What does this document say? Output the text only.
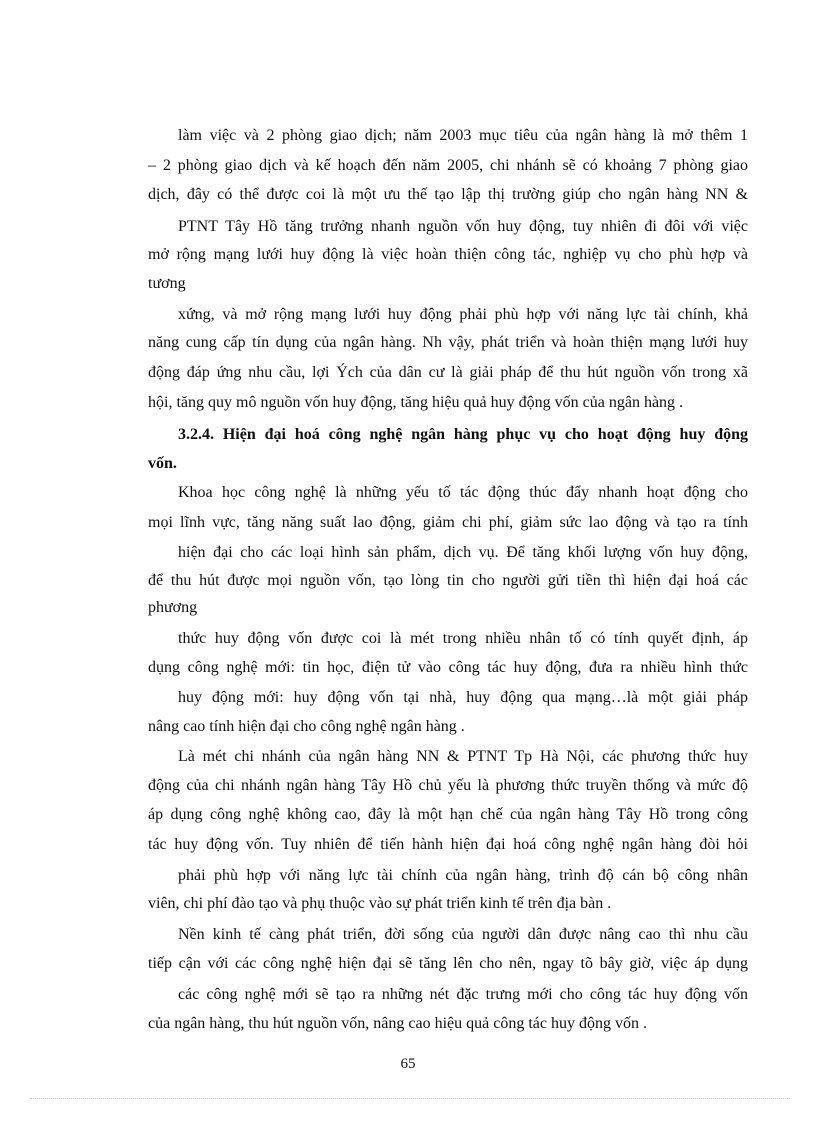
làm việc và 2 phòng giao dịch; năm 2003 mục tiêu của ngân hàng là mở thêm 1
– 2 phòng giao dịch và kế hoạch đến năm 2005, chi nhánh sẽ có khoảng 7 phòng giao
dịch, đây có thể được coi là một ưu thế tạo lập thị trường giúp cho ngân hàng NN &
PTNT Tây Hồ tăng trưởng nhanh nguồn vốn huy động, tuy nhiên đi đôi với việc
mở rộng mạng lưới huy động là việc hoàn thiện công tác, nghiệp vụ cho phù hợp và
tương
xứng, và mở rộng mạng lưới huy động phải phù hợp với năng lực tài chính, khả
năng cung cấp tín dụng của ngân hàng. Nh vậy, phát triển và hoàn thiện mạng lưới huy
động đáp ứng nhu cầu, lợi Ých của dân cư là giải pháp để thu hút nguồn vốn trong xã
hội, tăng quy mô nguồn vốn huy động, tăng hiệu quả huy động vốn của ngân hàng .
3.2.4. Hiện đại hoá công nghệ ngân hàng phục vụ cho hoạt động huy động
vốn.
Khoa học công nghệ là những yếu tố tác động thúc đẩy nhanh hoạt động cho
mọi lĩnh vực, tăng năng suất lao động, giảm chi phí, giảm sức lao động và tạo ra tính
hiện đại cho các loại hình sản phẩm, dịch vụ. Để tăng khối lượng vốn huy động,
để thu hút được mọi nguồn vốn, tạo lòng tin cho người gửi tiền thì hiện đại hoá các
phương
thức huy động vốn được coi là mét trong nhiều nhân tố có tính quyết định, áp
dụng công nghệ mới: tin học, điện tử vào công tác huy động, đưa ra nhiều hình thức
huy động mới: huy động vốn tại nhà, huy động qua mạng…là một giải pháp
nâng cao tính hiện đại cho công nghệ ngân hàng .
Là mét chi nhánh của ngân hàng NN & PTNT Tp Hà Nội, các phương thức huy
động của chi nhánh ngân hàng Tây Hồ chủ yếu là phương thức truyền thống và mức độ
áp dụng công nghệ không cao, đây là một hạn chế của ngân hàng Tây Hồ trong công
tác huy động vốn. Tuy nhiên để tiến hành hiện đại hoá công nghệ ngân hàng đòi hỏi
phải phù hợp với năng lực tài chính của ngân hàng, trình độ cán bộ công nhân
viên, chi phí đào tạo và phụ thuộc vào sự phát triển kinh tế trên địa bàn .
Nền kinh tế càng phát triển, đời sống của người dân được nâng cao thì nhu cầu
tiếp cận với các công nghệ hiện đại sẽ tăng lên cho nên, ngay tõ bây giờ, việc áp dụng
các công nghệ mới sẽ tạo ra những nét đặc trưng mới cho công tác huy động vốn
của ngân hàng, thu hút nguồn vốn, nâng cao hiệu quả công tác huy động vốn .
65
